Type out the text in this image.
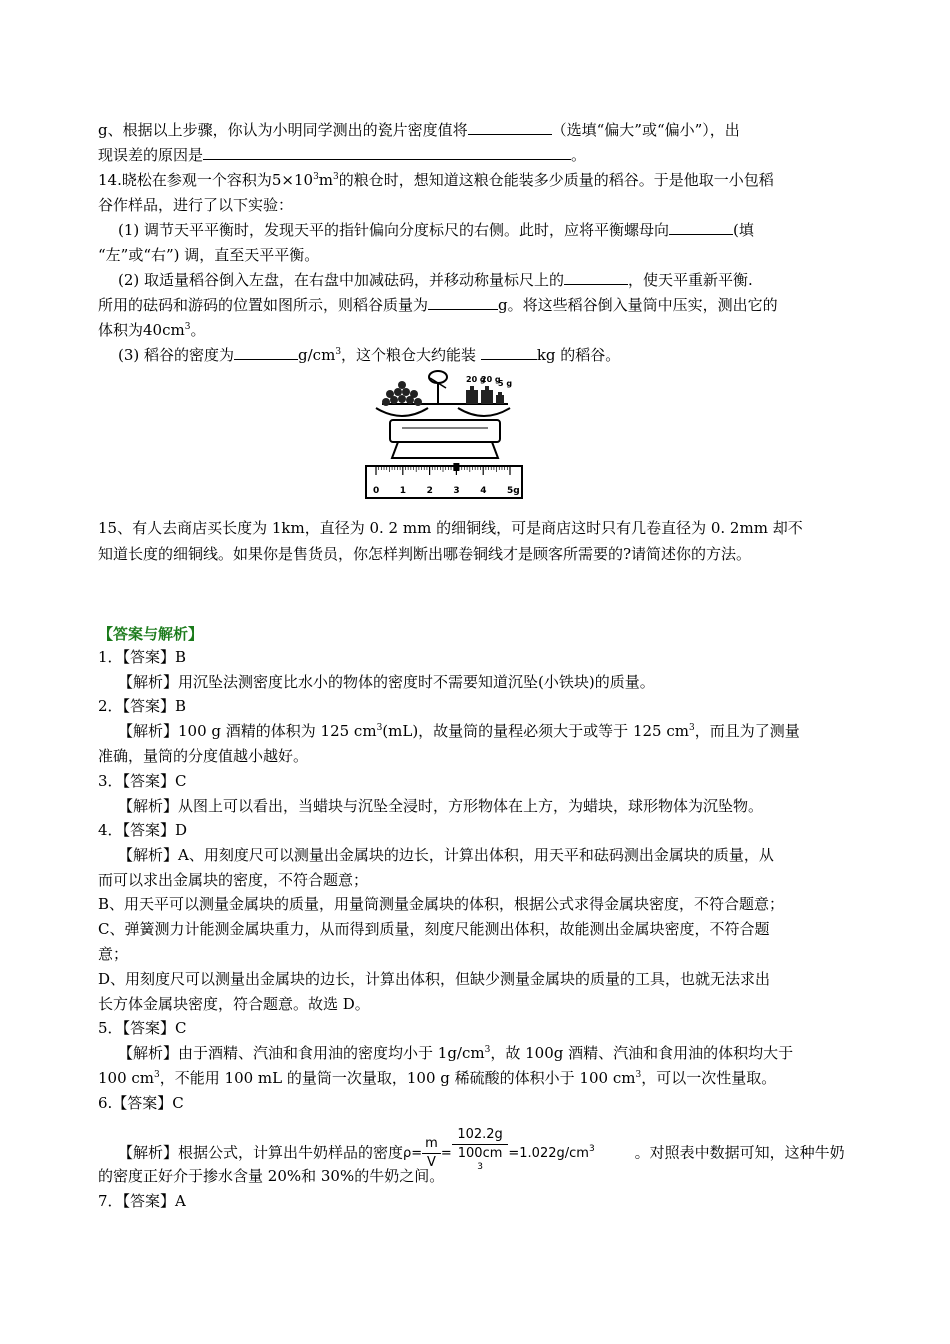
g、根据以上步骤，你认为小明同学测出的瓷片密度值将	（选填“偏大”或“偏小”），出
现误差的原因是	。
14.晓松在参观一个容积为$5\times 10^3m^3$的粮仓时，想知道这粮仓能装多少质量的稻谷。于是他取一小包稻
谷作样品，进行了以下实验：
(1) 调节天平平衡时，发现天平的指针偏向分度标尺的右侧。此时，应将平衡螺母向	(填
“左”或“右”) 调，直至天平平衡。
(2) 取适量稻谷倒入左盘，在右盘中加减砝码，并移动称量标尺上的	，使天平重新平衡.
所用的砝码和游码的位置如图所示，则稻谷质量为	g。将这些稻谷倒入量筒中压实，测出它的
体积为$40cm^3$。
(3) 稻谷的密度为	$g/cm^3$，这个粮仓大约能装	kg 的稻谷。
20 g
20 g
5 g
0 1 2 3 4 5g
15、有人去商店买长度为 1km，直径为 0. 2 mm 的细铜线，可是商店这时只有几卷直径为 0. 2mm 却不
知道长度的细铜线。如果你是售货员，你怎样判断出哪卷铜线才是顾客所需要的?请简述你的方法。
【答案与解析】
1．【答案】B
【解析】用沉坠法测密度比水小的物体的密度时不需要知道沉坠(小铁块)的质量。
2．【答案】B
【解析】100 g 酒精的体积为 125 $cm^3(mL)$，故量筒的量程必须大于或等于 125 $cm^3$，而且为了测量
准确，量筒的分度值越小越好。
3．【答案】C
【解析】从图上可以看出，当蜡块与沉坠全浸时，方形物体在上方，为蜡块，球形物体为沉坠物。
4．【答案】D
【解析】A、用刻度尺可以测量出金属块的边长，计算出体积，用天平和砝码测出金属块的质量，从
而可以求出金属块的密度，不符合题意；
B、用天平可以测量金属块的质量，用量筒测量金属块的体积，根据公式求得金属块密度，不符合题意；
C、弹簧测力计能测金属块重力，从而得到质量，刻度尺能测出体积，故能测出金属块密度，不符合题
意；
D、用刻度尺可以测量出金属块的边长，计算出体积，但缺少测量金属块的质量的工具，也就无法求出
长方体金属块密度，符合题意。故选 D。
5．【答案】C
【解析】由于酒精、汽油和食用油的密度均小于 $1g/cm^3$，故 100g 酒精、汽油和食用油的体积均大于
100 $cm^3$，不能用 100 mL 的量筒一次量取，100 g 稀硫酸的体积小于 100 $cm^3$，可以一次性量取。
6.【答案】C
【解析】根据公式，计算出牛奶样品的密度$\rho= \frac{m}{V} = 102.2g$
100cm
$^3 =1.022g/cm^3$	。对照表中数据可知，这种牛奶
的密度正好介于掺水含量 20%和 30%的牛奶之间。
7．【答案】A
